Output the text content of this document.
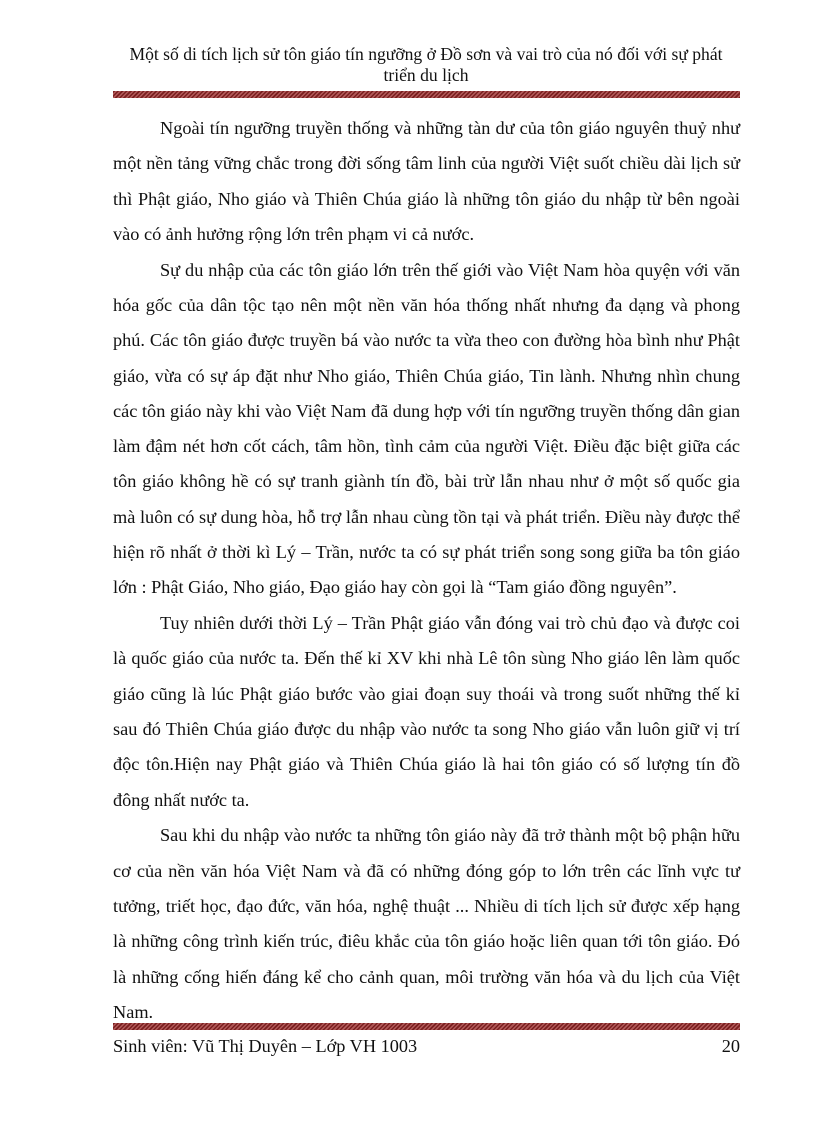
Một số di tích lịch sử tôn giáo tín ngưỡng ở Đồ sơn và vai trò của nó đối với sự phát triển du lịch

Ngoài tín ngưỡng truyền thống và những tàn dư của tôn giáo nguyên thuỷ như một nền tảng vững chắc trong đời sống tâm linh của người Việt suốt chiều dài lịch sử thì Phật giáo, Nho giáo và Thiên Chúa giáo là những tôn giáo du nhập từ bên ngoài vào có ảnh hưởng rộng lớn trên phạm vi cả nước.

Sự du nhập của các tôn giáo lớn trên thế giới vào Việt Nam hòa quyện với văn hóa gốc của dân tộc tạo nên một nền văn hóa thống nhất nhưng đa dạng và phong phú. Các tôn giáo được truyền bá vào nước ta vừa theo con đường hòa bình như Phật giáo, vừa có sự áp đặt như Nho giáo, Thiên Chúa giáo, Tin lành. Nhưng nhìn chung các tôn giáo này khi vào Việt Nam đã dung hợp với tín ngưỡng truyền thống dân gian làm đậm nét hơn cốt cách, tâm hồn, tình cảm của người Việt. Điều đặc biệt giữa các tôn giáo không hề có sự tranh giành tín đồ, bài trừ lẫn nhau như ở một số quốc gia mà luôn có sự dung hòa, hỗ trợ lẫn nhau cùng tồn tại và phát triển. Điều này được thể hiện rõ nhất ở thời kì Lý – Trần, nước ta có sự phát triển song song giữa ba tôn giáo lớn : Phật Giáo, Nho giáo, Đạo giáo hay còn gọi là “Tam giáo đồng nguyên”.

Tuy nhiên dưới thời Lý – Trần Phật giáo vẫn đóng vai trò chủ đạo và được coi là quốc giáo của nước ta. Đến thế kỉ XV khi nhà Lê tôn sùng Nho giáo lên làm quốc giáo cũng là lúc Phật giáo bước vào giai đoạn suy thoái và trong suốt những thế kỉ sau đó Thiên Chúa giáo được du nhập vào nước ta song Nho giáo vẫn luôn giữ vị trí độc tôn.Hiện nay Phật giáo và Thiên Chúa giáo là hai tôn giáo có số lượng tín đồ đông nhất nước ta.

Sau khi du nhập vào nước ta những tôn giáo này đã trở thành một bộ phận hữu cơ của nền văn hóa Việt Nam và đã có những đóng góp to lớn trên các lĩnh vực tư tưởng, triết học, đạo đức, văn hóa, nghệ thuật ... Nhiều di tích lịch sử được xếp hạng là những công trình kiến trúc, điêu khắc của tôn giáo hoặc liên quan tới tôn giáo. Đó là những cống hiến đáng kể cho cảnh quan, môi trường văn hóa và du lịch của Việt Nam.

Sinh viên: Vũ Thị Duyên – Lớp VH 1003	20
